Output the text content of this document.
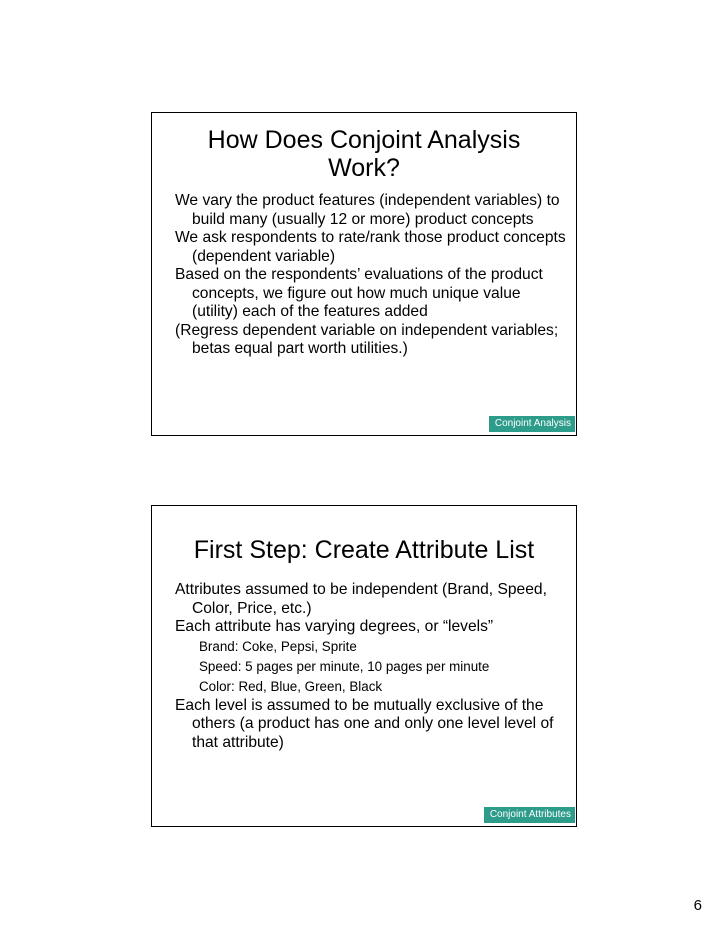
How Does Conjoint Analysis
Work?

We vary the product features (independent variables) to build many (usually 12 or more) product concepts

We ask respondents to rate/rank those product concepts (dependent variable)

Based on the respondents’ evaluations of the product concepts, we figure out how much unique value (utility) each of the features added

(Regress dependent variable on independent variables; betas equal part worth utilities.)

Conjoint Analysis
First Step: Create Attribute List

Attributes assumed to be independent (Brand, Speed, Color, Price, etc.)

Each attribute has varying degrees, or “levels”

Brand: Coke, Pepsi, Sprite

Speed: 5 pages per minute, 10 pages per minute

Color: Red, Blue, Green, Black

Each level is assumed to be mutually exclusive of the others (a product has one and only one level level of that attribute)

Conjoint Attributes
6
